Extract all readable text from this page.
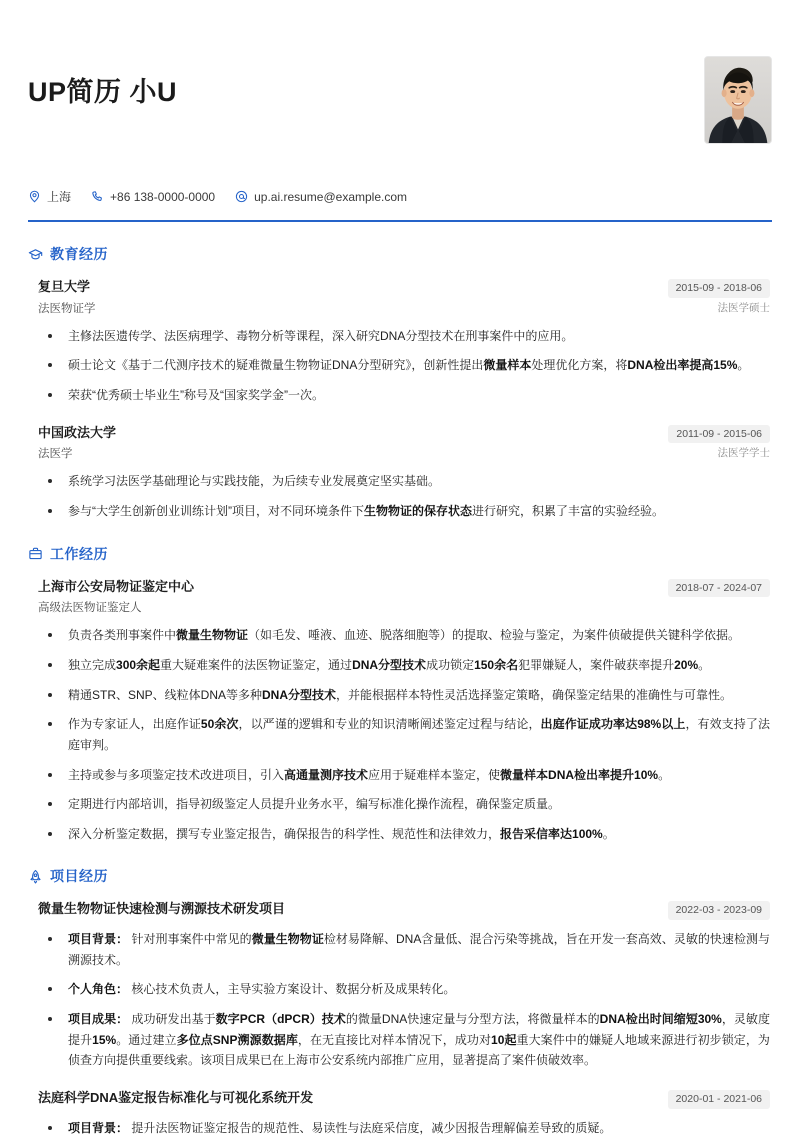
UP简历 小U
上海	+86 138-0000-0000	up.ai.resume@example.com
教育经历
复旦大学	2015-09 - 2018-06
法医物证学	法医学硕士
主修法医遗传学、法医病理学、毒物分析等课程，深入研究DNA分型技术在刑事案件中的应用。
硕士论文《基于二代测序技术的疑难微量生物物证DNA分型研究》，创新性提出微量样本处理优化方案，将DNA检出率提高15%。
荣获“优秀硕士毕业生”称号及“国家奖学金”一次。
中国政法大学	2011-09 - 2015-06
法医学	法医学学士
系统学习法医学基础理论与实践技能，为后续专业发展奠定坚实基础。
参与“大学生创新创业训练计划”项目，对不同环境条件下生物物证的保存状态进行研究，积累了丰富的实验经验。
工作经历
上海市公安局物证鉴定中心	2018-07 - 2024-07
高级法医物证鉴定人
负责各类刑事案件中微量生物物证（如毛发、唾液、血迹、脱落细胞等）的提取、检验与鉴定，为案件侦破提供关键科学依据。
独立完成300余起重大疑难案件的法医物证鉴定，通过DNA分型技术成功锁定150余名犯罪嫌疑人，案件破获率提升20%。
精通STR、SNP、线粒体DNA等多种DNA分型技术，并能根据样本特性灵活选择鉴定策略，确保鉴定结果的准确性与可靠性。
作为专家证人，出庭作证50余次，以严谨的逻辑和专业的知识清晰阐述鉴定过程与结论，出庭作证成功率达98%以上，有效支持了法庭审判。
主持或参与多项鉴定技术改进项目，引入高通量测序技术应用于疑难样本鉴定，使微量样本DNA检出率提升10%。
定期进行内部培训，指导初级鉴定人员提升业务水平，编写标准化操作流程，确保鉴定质量。
深入分析鉴定数据，撰写专业鉴定报告，确保报告的科学性、规范性和法律效力，报告采信率达100%。
项目经历
微量生物物证快速检测与溯源技术研发项目	2022-03 - 2023-09
项目背景： 针对刑事案件中常见的微量生物物证检材易降解、DNA含量低、混合污染等挑战，旨在开发一套高效、灵敏的快速检测与溯源技术。
个人角色： 核心技术负责人，主导实验方案设计、数据分析及成果转化。
项目成果： 成功研发出基于数字PCR（dPCR）技术的微量DNA快速定量与分型方法，将微量样本的DNA检出时间缩短30%，灵敏度提升15%。通过建立多位点SNP溯源数据库，在无直接比对样本情况下，成功对10起重大案件中的嫌疑人地域来源进行初步锁定，为侦查方向提供重要线索。该项目成果已在上海市公安系统内部推广应用，显著提高了案件侦破效率。
法庭科学DNA鉴定报告标准化与可视化系统开发	2020-01 - 2021-06
项目背景： 提升法医物证鉴定报告的规范性、易读性与法庭采信度，减少因报告理解偏差导致的质疑。
